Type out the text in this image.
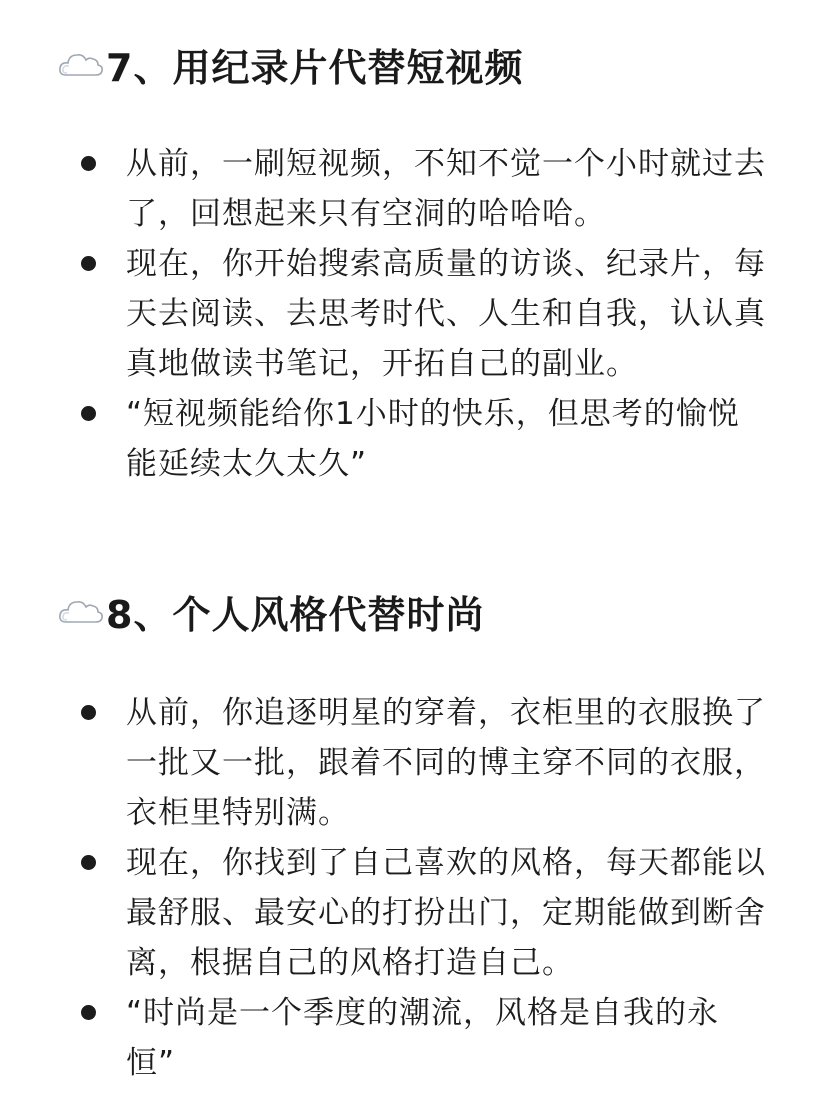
7、用纪录片代替短视频
从前，一刷短视频，不知不觉一个小时就过去了，回想起来只有空洞的哈哈哈。
现在，你开始搜索高质量的访谈、纪录片，每天去阅读、去思考时代、人生和自我，认认真真地做读书笔记，开拓自己的副业。
“短视频能给你1小时的快乐，但思考的愉悦能延续太久太久”
8、个人风格代替时尚
从前，你追逐明星的穿着，衣柜里的衣服换了一批又一批，跟着不同的博主穿不同的衣服，衣柜里特别满。
现在，你找到了自己喜欢的风格，每天都能以最舒服、最安心的打扮出门，定期能做到断舍离，根据自己的风格打造自己。
“时尚是一个季度的潮流，风格是自我的永恒”
